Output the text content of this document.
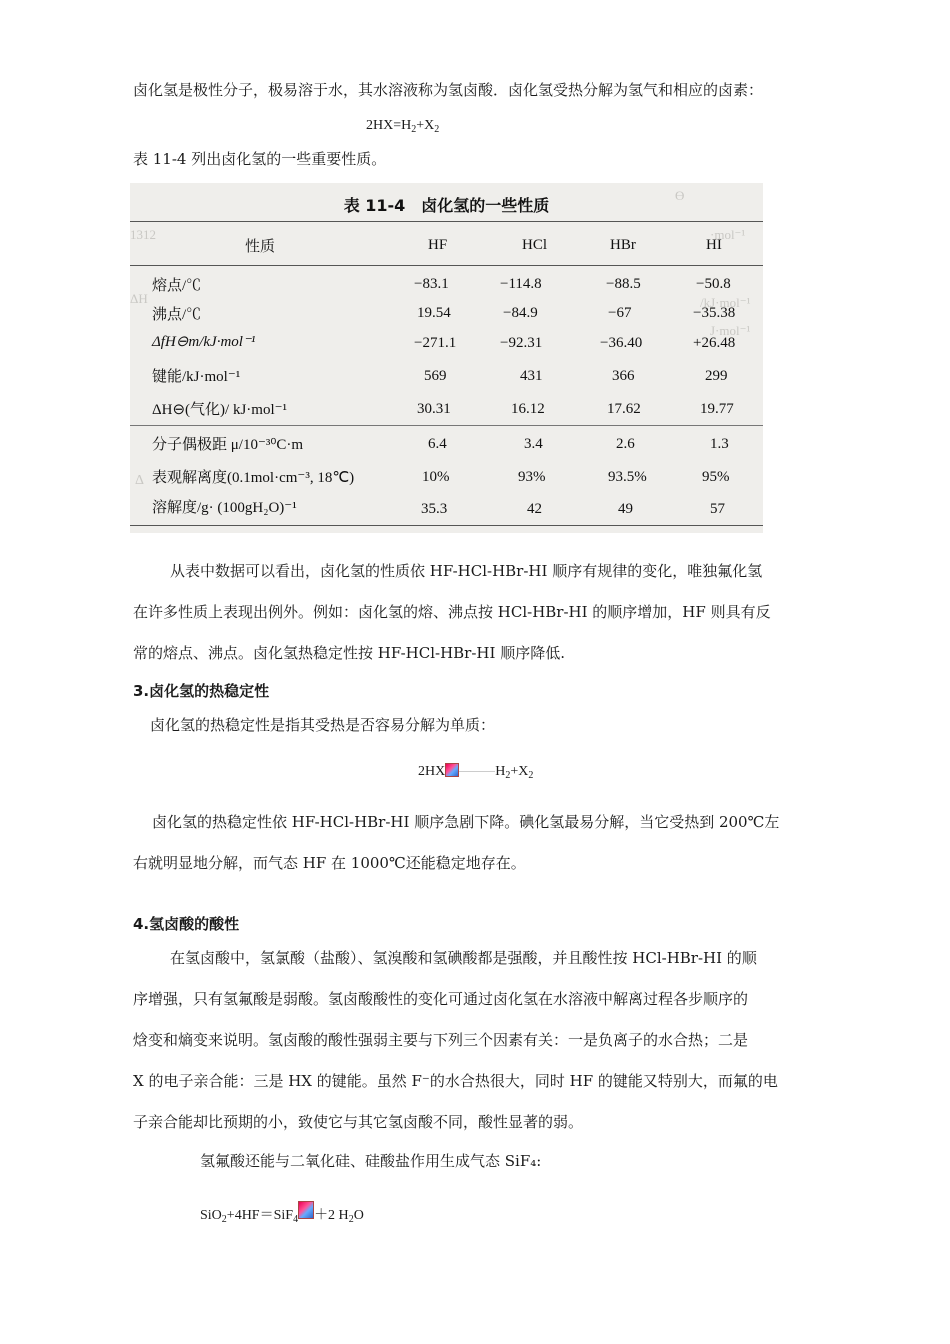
卤化氢是极性分子，极易溶于水，其水溶液称为氢卤酸．卤化氢受热分解为氢气和相应的卤素：
$2HX=H_2+X_2$
表 11-4 列出卤化氢的一些重要性质。
ϴ
1312	·mol⁻¹
/kJ·mol⁻¹
ΔH
J·mol⁻¹
Δ
表 11-4　卤化氢的一些性质
性质	HF	HCl	HBr	HI
熔点/℃	−83.1	−114.8	−88.5	−50.8
沸点/℃	19.54	−84.9	−67	−35.38
ΔfH⊖m/kJ·mol⁻¹	−271.1	−92.31	−36.40	+26.48
键能/kJ·mol⁻¹	569	431	366	299
ΔH⊖(气化)/ kJ·mol⁻¹	30.31	16.12	17.62	19.77
分子偶极距 μ/10⁻³⁰C·m	6.4	3.4	2.6	1.3
表观解离度(0.1mol·cm⁻³, 18℃)	10%	93%	93.5%	95%
溶解度/g· (100gH₂O)⁻¹	35.3	42	49	57
从表中数据可以看出，卤化氢的性质依 HF-HCl-HBr-HI 顺序有规律的变化，唯独氟化氢
在许多性质上表现出例外。例如：卤化氢的熔、沸点按 HCl-HBr-HI 的顺序增加，HF 则具有反
常的熔点、沸点。卤化氢热稳定性按 HF-HCl-HBr-HI 顺序降低.
3.卤化氢的热稳定性
卤化氢的热稳定性是指其受热是否容易分解为单质：
2HX	$H_2+X_2$
卤化氢的热稳定性依 HF-HCl-HBr-HI 顺序急剧下降。碘化氢最易分解，当它受热到 200℃左
右就明显地分解，而气态 HF 在 1000℃还能稳定地存在。
4.氢卤酸的酸性
在氢卤酸中，氢氯酸（盐酸）、氢溴酸和氢碘酸都是强酸，并且酸性按 HCl-HBr-HI 的顺
序增强，只有氢氟酸是弱酸。氢卤酸酸性的变化可通过卤化氢在水溶液中解离过程各步顺序的
焓变和熵变来说明。氢卤酸的酸性强弱主要与下列三个因素有关：一是负离子的水合热；二是
X 的电子亲合能：三是 HX 的键能。虽然 F⁻的水合热很大，同时 HF 的键能又特别大，而氟的电
子亲合能却比预期的小，致使它与其它氢卤酸不同，酸性显著的弱。
氢氟酸还能与二氧化硅、硅酸盐作用生成气态 SiF₄:
SiO$_2$+4HF＝SiF$_4$ ＋2 $H_2O$
